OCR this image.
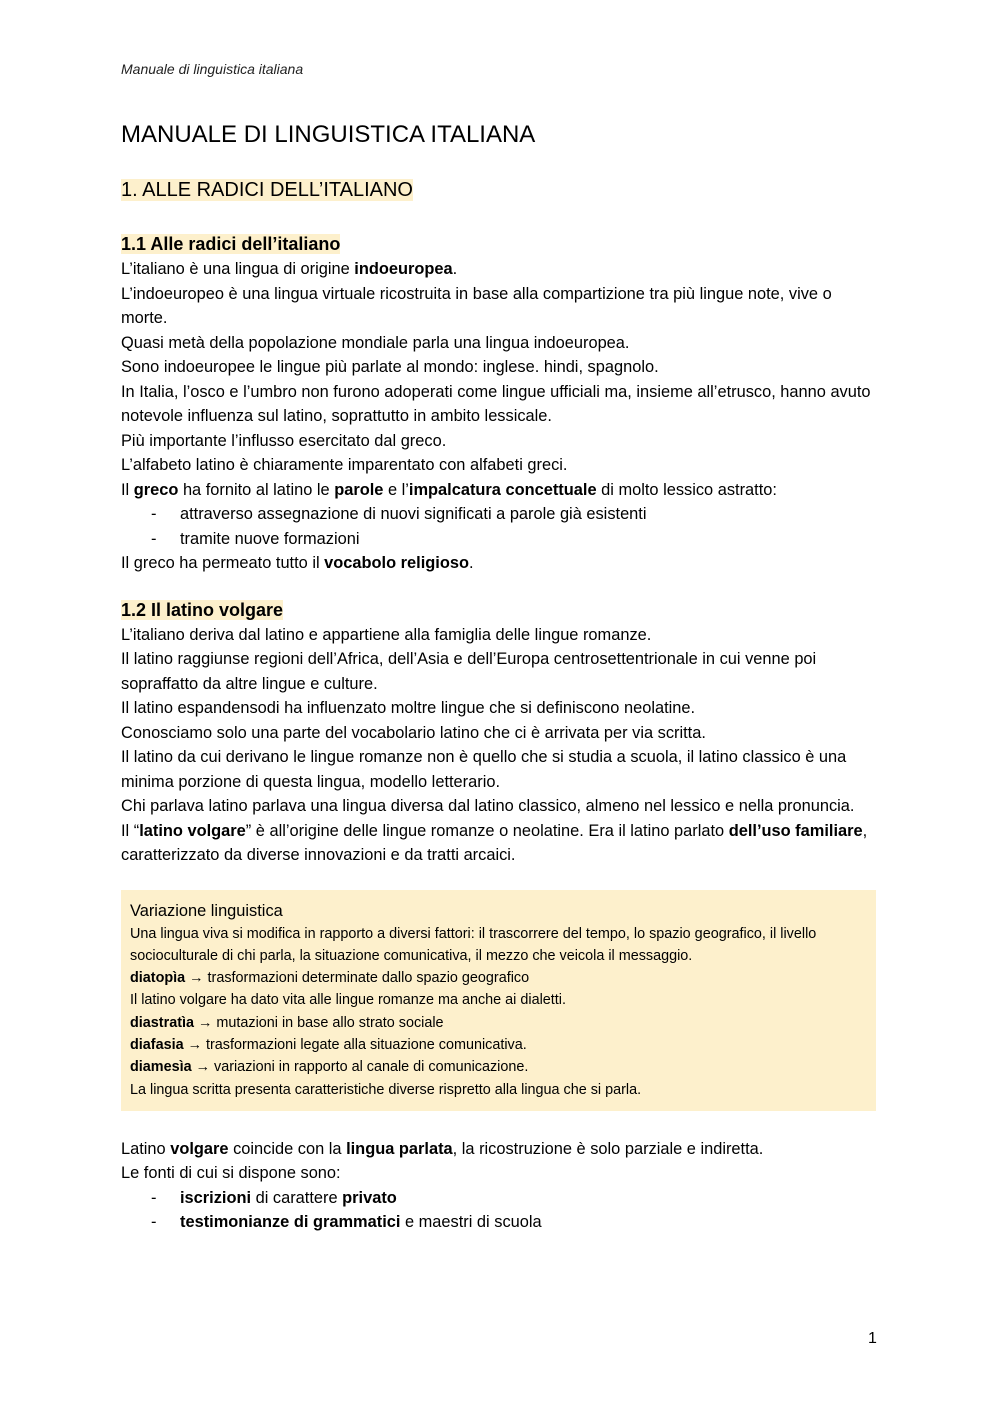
Manuale di linguistica italiana
MANUALE DI LINGUISTICA ITALIANA
1. ALLE RADICI DELL’ITALIANO
1.1 Alle radici dell’italiano
L’italiano è una lingua di origine indoeuropea.
L’indoeuropeo è una lingua virtuale ricostruita in base alla compartizione tra più lingue note, vive o morte.
Quasi metà della popolazione mondiale parla una lingua indoeuropea.
Sono indoeuropee le lingue più parlate al mondo: inglese. hindi, spagnolo.
In Italia, l’osco e l’umbro non furono adoperati come lingue ufficiali ma, insieme all’etrusco, hanno avuto notevole influenza sul latino, soprattutto in ambito lessicale.
Più importante l’influsso esercitato dal greco.
L’alfabeto latino è chiaramente imparentato con alfabeti greci.
Il greco ha fornito al latino le parole e l’impalcatura concettuale di molto lessico astratto:
- attraverso assegnazione di nuovi significati a parole già esistenti
- tramite nuove formazioni
Il greco ha permeato tutto il vocabolo religioso.
1.2 Il latino volgare
L’italiano deriva dal latino e appartiene alla famiglia delle lingue romanze.
Il latino raggiunse regioni dell’Africa, dell’Asia e dell’Europa centrosettentrionale in cui venne poi sopraffatto da altre lingue e culture.
Il latino espandensodi ha influenzato moltre lingue che si definiscono neolatine.
Conosciamo solo una parte del vocabolario latino che ci è arrivata per via scritta.
Il latino da cui derivano le lingue romanze non è quello che si studia a scuola, il latino classico è una minima porzione di questa lingua, modello letterario.
Chi parlava latino parlava una lingua diversa dal latino classico, almeno nel lessico e nella pronuncia.
Il “latino volgare” è all’origine delle lingue romanze o neolatine. Era il latino parlato dell’uso familiare, caratterizzato da diverse innovazioni e da tratti arcaici.
Variazione linguistica
Una lingua viva si modifica in rapporto a diversi fattori: il trascorrere del tempo, lo spazio geografico, il livello socioculturale di chi parla, la situazione comunicativa, il mezzo che veicola il messaggio.
diatopìa → trasformazioni determinate dallo spazio geografico
Il latino volgare ha dato vita alle lingue romanze ma anche ai dialetti.
diastratìa → mutazioni in base allo strato sociale
diafasia → trasformazioni legate alla situazione comunicativa.
diamesìa → variazioni in rapporto al canale di comunicazione.
La lingua scritta presenta caratteristiche diverse rispretto alla lingua che si parla.
Latino volgare coincide con la lingua parlata, la ricostruzione è solo parziale e indiretta.
Le fonti di cui si dispone sono:
- iscrizioni di carattere privato
- testimonianze di grammatici e maestri di scuola
1
